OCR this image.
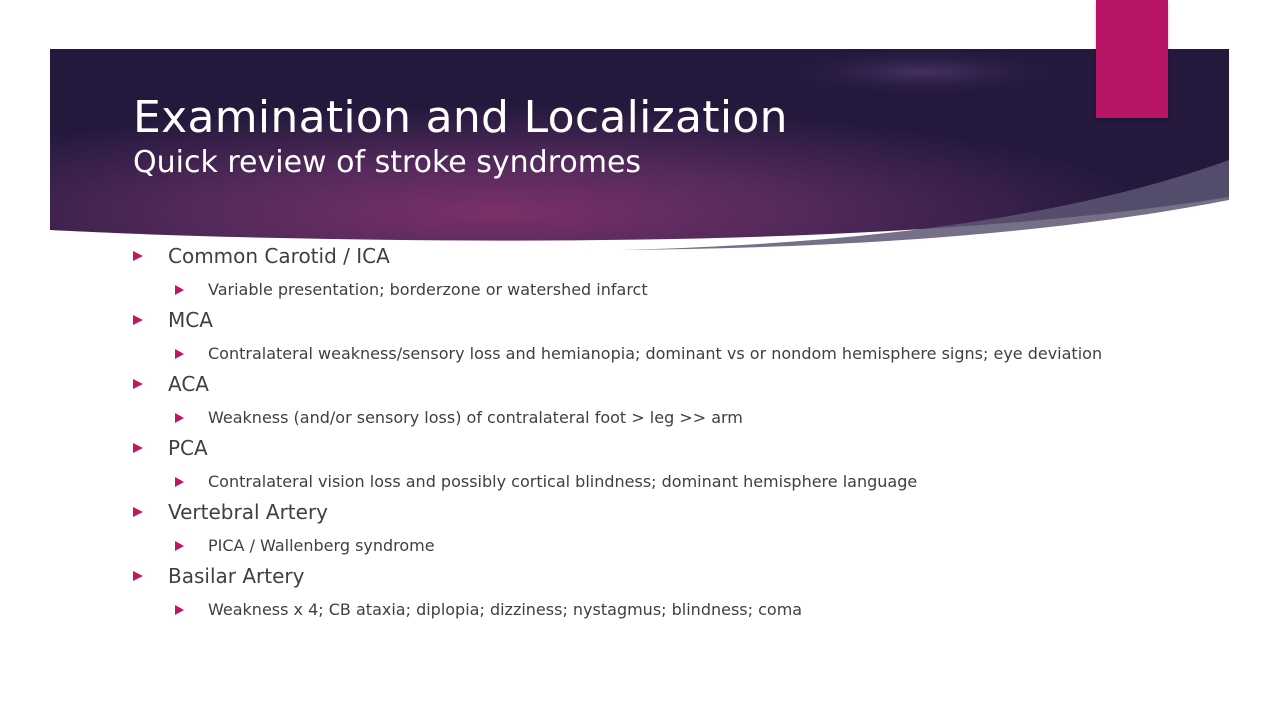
Examination and Localization
Quick review of stroke syndromes
Common Carotid / ICA
Variable presentation; borderzone or watershed infarct
MCA
Contralateral weakness/sensory loss and hemianopia; dominant vs or nondom hemisphere signs; eye deviation
ACA
Weakness (and/or sensory loss) of contralateral foot > leg >> arm
PCA
Contralateral vision loss and possibly cortical blindness; dominant hemisphere language
Vertebral Artery
PICA / Wallenberg syndrome
Basilar Artery
Weakness x 4; CB ataxia; diplopia; dizziness; nystagmus; blindness; coma
